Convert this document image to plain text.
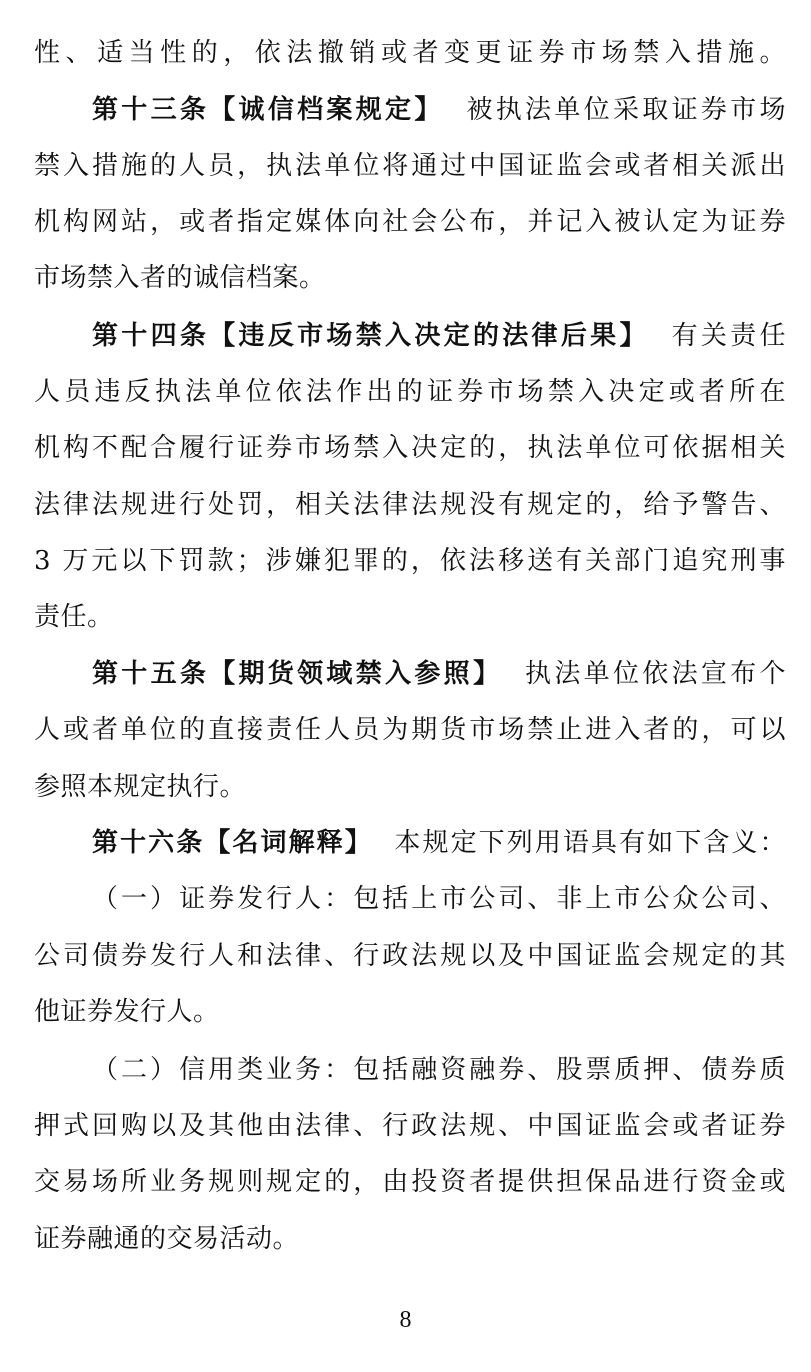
性、适当性的，依法撤销或者变更证券市场禁入措施。
第十三条【诚信档案规定】 被执法单位采取证券市场
禁入措施的人员，执法单位将通过中国证监会或者相关派出
机构网站，或者指定媒体向社会公布，并记入被认定为证券
市场禁入者的诚信档案。
第十四条【违反市场禁入决定的法律后果】 有关责任
人员违反执法单位依法作出的证券市场禁入决定或者所在
机构不配合履行证券市场禁入决定的，执法单位可依据相关
法律法规进行处罚，相关法律法规没有规定的，给予警告、
3 万元以下罚款；涉嫌犯罪的，依法移送有关部门追究刑事
责任。
第十五条【期货领域禁入参照】 执法单位依法宣布个
人或者单位的直接责任人员为期货市场禁止进入者的，可以
参照本规定执行。
第十六条【名词解释】 本规定下列用语具有如下含义：
（一）证券发行人：包括上市公司、非上市公众公司、
公司债券发行人和法律、行政法规以及中国证监会规定的其
他证券发行人。
（二）信用类业务：包括融资融券、股票质押、债券质
押式回购以及其他由法律、行政法规、中国证监会或者证券
交易场所业务规则规定的，由投资者提供担保品进行资金或
证券融通的交易活动。
8
